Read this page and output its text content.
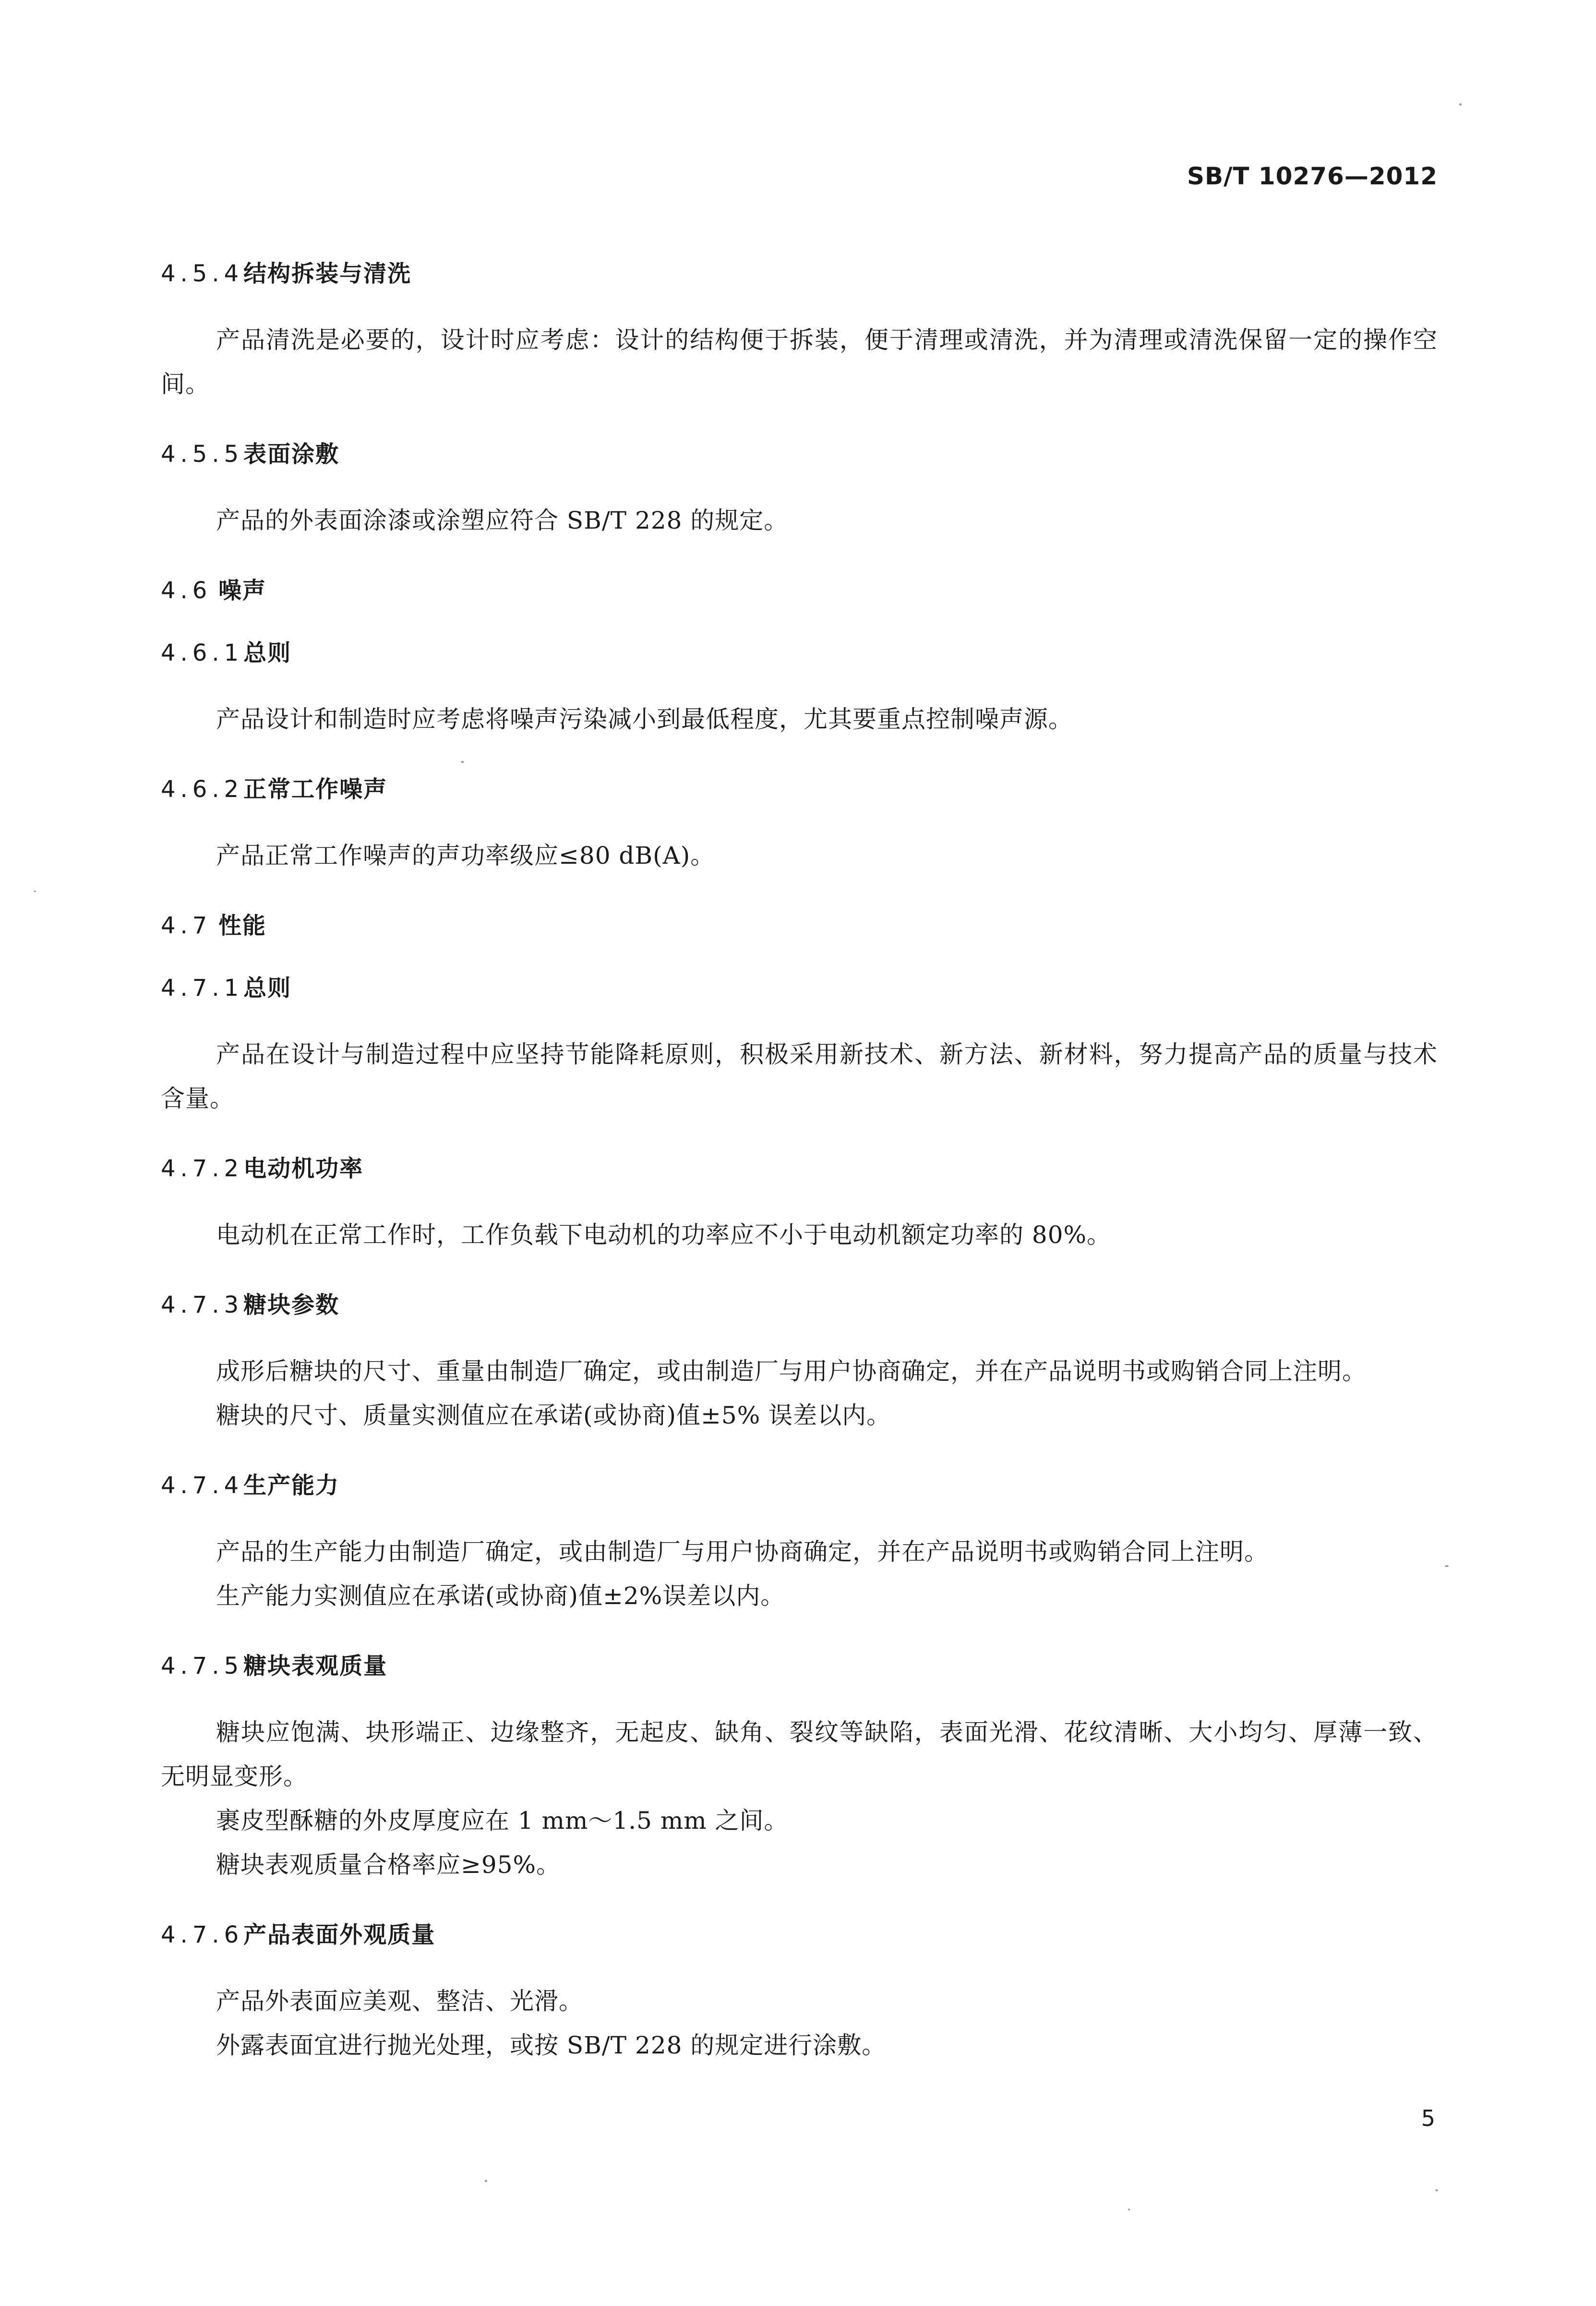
SB/T 10276—2012
4.5.4结构拆装与清洗

产品清洗是必要的，设计时应考虑：设计的结构便于拆装，便于清理或清洗，并为清理或清洗保留一定的操作空间。

4.5.5表面涂敷

产品的外表面涂漆或涂塑应符合 SB/T 228 的规定。

4.6 噪声
4.6.1总则

产品设计和制造时应考虑将噪声污染减小到最低程度，尤其要重点控制噪声源。

4.6.2正常工作噪声

产品正常工作噪声的声功率级应≤80 dB(A)。

4.7 性能
4.7.1总则

产品在设计与制造过程中应坚持节能降耗原则，积极采用新技术、新方法、新材料，努力提高产品的质量与技术含量。

4.7.2电动机功率

电动机在正常工作时，工作负载下电动机的功率应不小于电动机额定功率的 80%。

4.7.3糖块参数

成形后糖块的尺寸、重量由制造厂确定，或由制造厂与用户协商确定，并在产品说明书或购销合同上注明。

糖块的尺寸、质量实测值应在承诺(或协商)值±5% 误差以内。

4.7.4生产能力

产品的生产能力由制造厂确定，或由制造厂与用户协商确定，并在产品说明书或购销合同上注明。

生产能力实测值应在承诺(或协商)值±2%误差以内。

4.7.5糖块表观质量

糖块应饱满、块形端正、边缘整齐，无起皮、缺角、裂纹等缺陷，表面光滑、花纹清晰、大小均匀、厚薄一致、无明显变形。

裹皮型酥糖的外皮厚度应在 1 mm～1.5 mm 之间。

糖块表观质量合格率应≥95%。

4.7.6产品表面外观质量

产品外表面应美观、整洁、光滑。

外露表面宜进行抛光处理，或按 SB/T 228 的规定进行涂敷。

5
